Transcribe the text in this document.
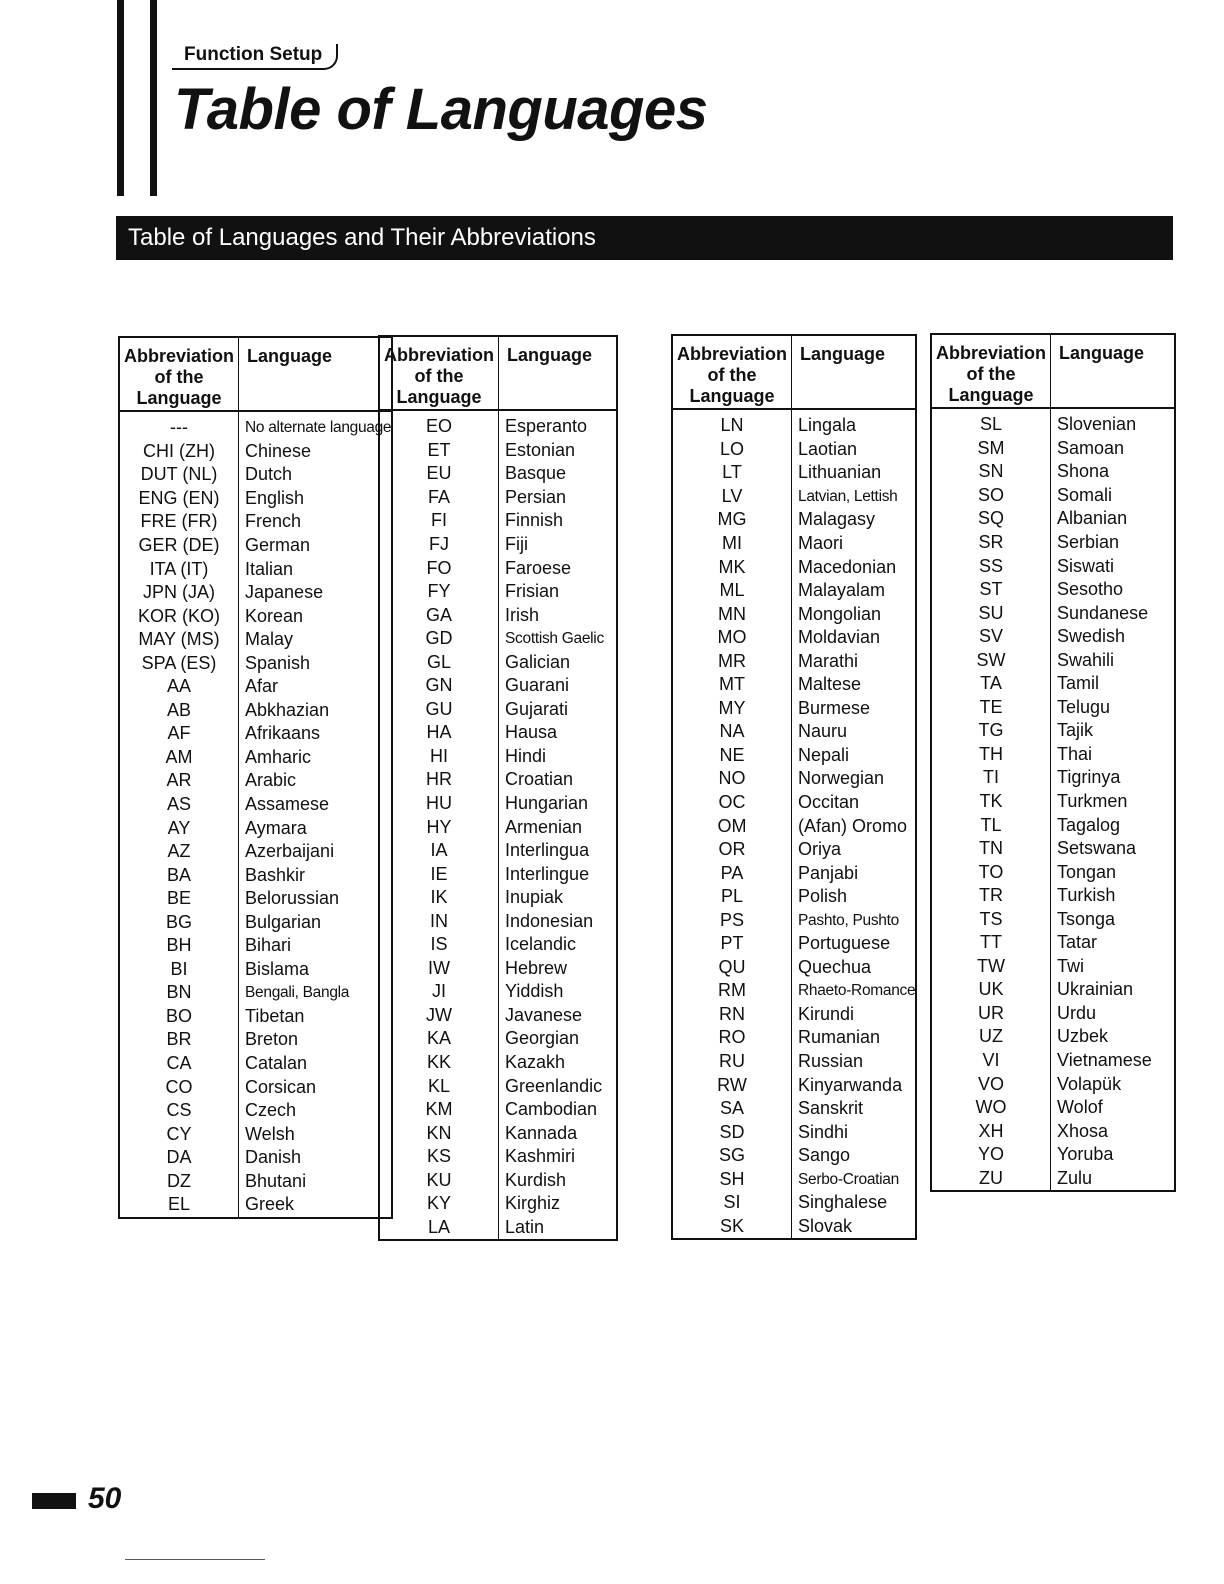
Function Setup
Table of Languages
Table of Languages and Their Abbreviations
Abbreviation of the Language	Language
---	No alternate language
CHI (ZH)	Chinese
DUT (NL)	Dutch
ENG (EN)	English
FRE (FR)	French
GER (DE)	German
ITA (IT)	Italian
JPN (JA)	Japanese
KOR (KO)	Korean
MAY (MS)	Malay
SPA (ES)	Spanish
AA	Afar
AB	Abkhazian
AF	Afrikaans
AM	Amharic
AR	Arabic
AS	Assamese
AY	Aymara
AZ	Azerbaijani
BA	Bashkir
BE	Belorussian
BG	Bulgarian
BH	Bihari
BI	Bislama
BN	Bengali, Bangla
BO	Tibetan
BR	Breton
CA	Catalan
CO	Corsican
CS	Czech
CY	Welsh
DA	Danish
DZ	Bhutani
EL	Greek
Abbreviation of the Language	Language
EO	Esperanto
ET	Estonian
EU	Basque
FA	Persian
FI	Finnish
FJ	Fiji
FO	Faroese
FY	Frisian
GA	Irish
GD	Scottish Gaelic
GL	Galician
GN	Guarani
GU	Gujarati
HA	Hausa
HI	Hindi
HR	Croatian
HU	Hungarian
HY	Armenian
IA	Interlingua
IE	Interlingue
IK	Inupiak
IN	Indonesian
IS	Icelandic
IW	Hebrew
JI	Yiddish
JW	Javanese
KA	Georgian
KK	Kazakh
KL	Greenlandic
KM	Cambodian
KN	Kannada
KS	Kashmiri
KU	Kurdish
KY	Kirghiz
LA	Latin
Abbreviation of the Language	Language
LN	Lingala
LO	Laotian
LT	Lithuanian
LV	Latvian, Lettish
MG	Malagasy
MI	Maori
MK	Macedonian
ML	Malayalam
MN	Mongolian
MO	Moldavian
MR	Marathi
MT	Maltese
MY	Burmese
NA	Nauru
NE	Nepali
NO	Norwegian
OC	Occitan
OM	(Afan) Oromo
OR	Oriya
PA	Panjabi
PL	Polish
PS	Pashto, Pushto
PT	Portuguese
QU	Quechua
RM	Rhaeto-Romance
RN	Kirundi
RO	Rumanian
RU	Russian
RW	Kinyarwanda
SA	Sanskrit
SD	Sindhi
SG	Sango
SH	Serbo-Croatian
SI	Singhalese
SK	Slovak
Abbreviation of the Language	Language
SL	Slovenian
SM	Samoan
SN	Shona
SO	Somali
SQ	Albanian
SR	Serbian
SS	Siswati
ST	Sesotho
SU	Sundanese
SV	Swedish
SW	Swahili
TA	Tamil
TE	Telugu
TG	Tajik
TH	Thai
TI	Tigrinya
TK	Turkmen
TL	Tagalog
TN	Setswana
TO	Tongan
TR	Turkish
TS	Tsonga
TT	Tatar
TW	Twi
UK	Ukrainian
UR	Urdu
UZ	Uzbek
VI	Vietnamese
VO	Volapük
WO	Wolof
XH	Xhosa
YO	Yoruba
ZU	Zulu
50
